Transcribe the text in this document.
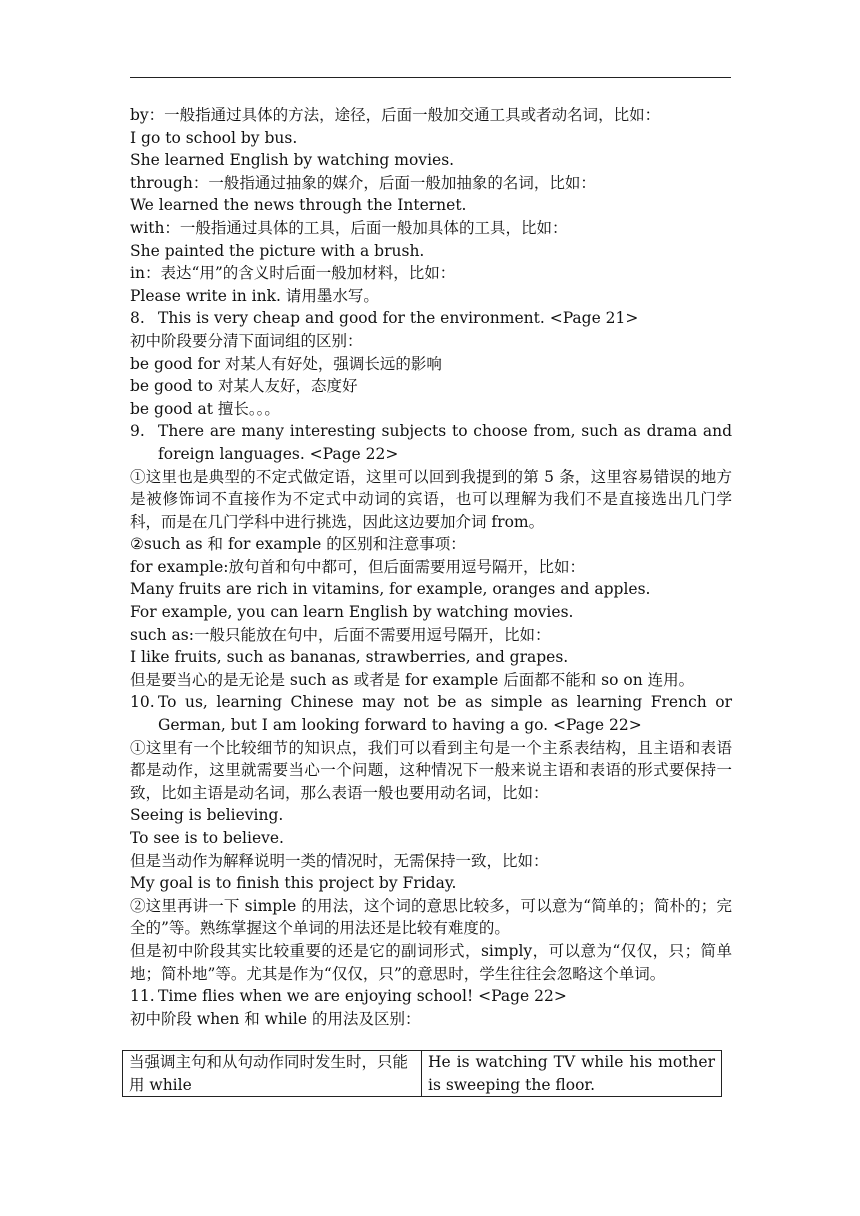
by：一般指通过具体的方法，途径，后面一般加交通工具或者动名词，比如：

I go to school by bus.

She learned English by watching movies.

through：一般指通过抽象的媒介，后面一般加抽象的名词，比如：

We learned the news through the Internet.

with：一般指通过具体的工具，后面一般加具体的工具，比如：

She painted the picture with a brush.

in：表达“用”的含义时后面一般加材料，比如：

Please write in ink. 请用墨水写。

8. This is very cheap and good for the environment. <Page 21>

初中阶段要分清下面词组的区别：

be good for 对某人有好处，强调长远的影响

be good to 对某人友好，态度好

be good at 擅长。。。

9. There are many interesting subjects to choose from, such as drama and foreign languages. <Page 22>

①这里也是典型的不定式做定语，这里可以回到我提到的第 5 条，这里容易错误的地方是被修饰词不直接作为不定式中动词的宾语，也可以理解为我们不是直接选出几门学科，而是在几门学科中进行挑选，因此这边要加介词 from。

②such as 和 for example 的区别和注意事项：

for example:放句首和句中都可，但后面需要用逗号隔开，比如：

Many fruits are rich in vitamins, for example, oranges and apples.

For example, you can learn English by watching movies.

such as:一般只能放在句中，后面不需要用逗号隔开，比如：

I like fruits, such as bananas, strawberries, and grapes.

但是要当心的是无论是 such as 或者是 for example 后面都不能和 so on 连用。

10. To us, learning Chinese may not be as simple as learning French or German, but I am looking forward to having a go. <Page 22>

①这里有一个比较细节的知识点，我们可以看到主句是一个主系表结构，且主语和表语都是动作，这里就需要当心一个问题，这种情况下一般来说主语和表语的形式要保持一致，比如主语是动名词，那么表语一般也要用动名词，比如：

Seeing is believing.

To see is to believe.

但是当动作为解释说明一类的情况时，无需保持一致，比如：

My goal is to finish this project by Friday.

②这里再讲一下 simple 的用法，这个词的意思比较多，可以意为“简单的；简朴的；完全的”等。熟练掌握这个单词的用法还是比较有难度的。

但是初中阶段其实比较重要的还是它的副词形式，simply，可以意为“仅仅，只；简单地；简朴地”等。尤其是作为“仅仅，只”的意思时，学生往往会忽略这个单词。

11. Time flies when we are enjoying school! <Page 22>

初中阶段 when 和 while 的用法及区别：

当强调主句和从句动作同时发生时，只能用 while	He is watching TV while his mother is sweeping the floor.
